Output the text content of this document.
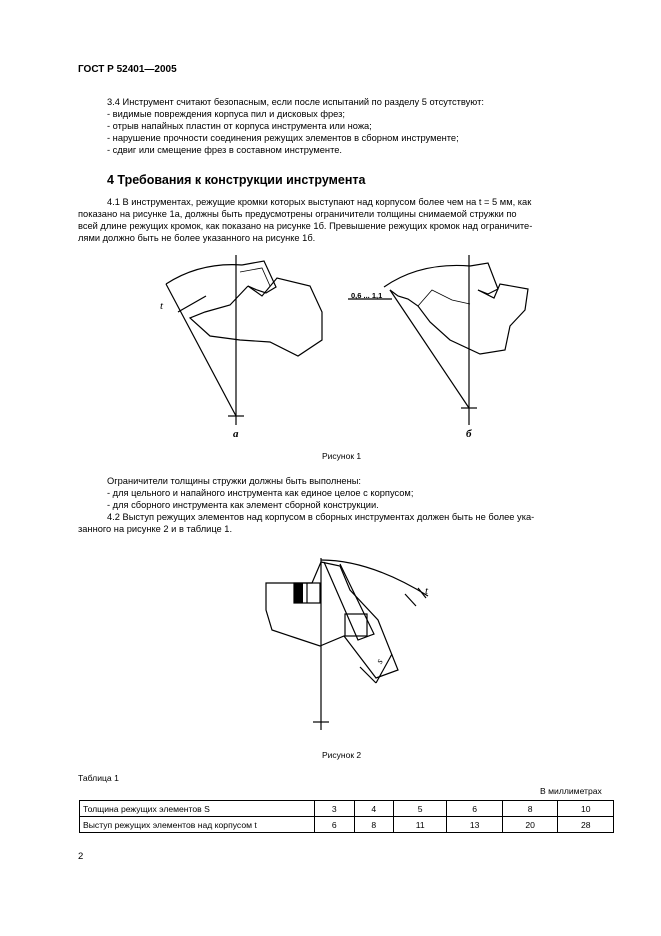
ГОСТ Р 52401—2005
3.4 Инструмент считают безопасным, если после испытаний по разделу 5 отсутствуют:
- видимые повреждения корпуса пил и дисковых фрез;
- отрыв напайных пластин от корпуса инструмента или ножа;
- нарушение прочности соединения режущих элементов в сборном инструменте;
- сдвиг или смещение фрез в составном инструменте.
4 Требования к конструкции инструмента
4.1 В инструментах, режущие кромки которых выступают над корпусом более чем на t = 5 мм, как
показано на рисунке 1а, должны быть предусмотрены ограничители толщины снимаемой стружки по
всей длине режущих кромок, как показано на рисунке 1б. Превышение режущих кромок над ограничите-
лями должно быть не более указанного на рисунке 1б.
t
а	б
0,6 ... 1,1
Рисунок 1
Ограничители толщины стружки должны быть выполнены:
- для цельного и напайного инструмента как единое целое с корпусом;
- для сборного инструмента как элемент сборной конструкции.
4.2 Выступ режущих элементов над корпусом в сборных инструментах должен быть не более ука-
занного на рисунке 2 и в таблице 1.
t
s
Рисунок 2
Таблица 1
В миллиметрах
Толщина режущих элементов S	3	4	5	6	8	10
Выступ режущих элементов над корпусом t	6	8	11	13	20	28
2
